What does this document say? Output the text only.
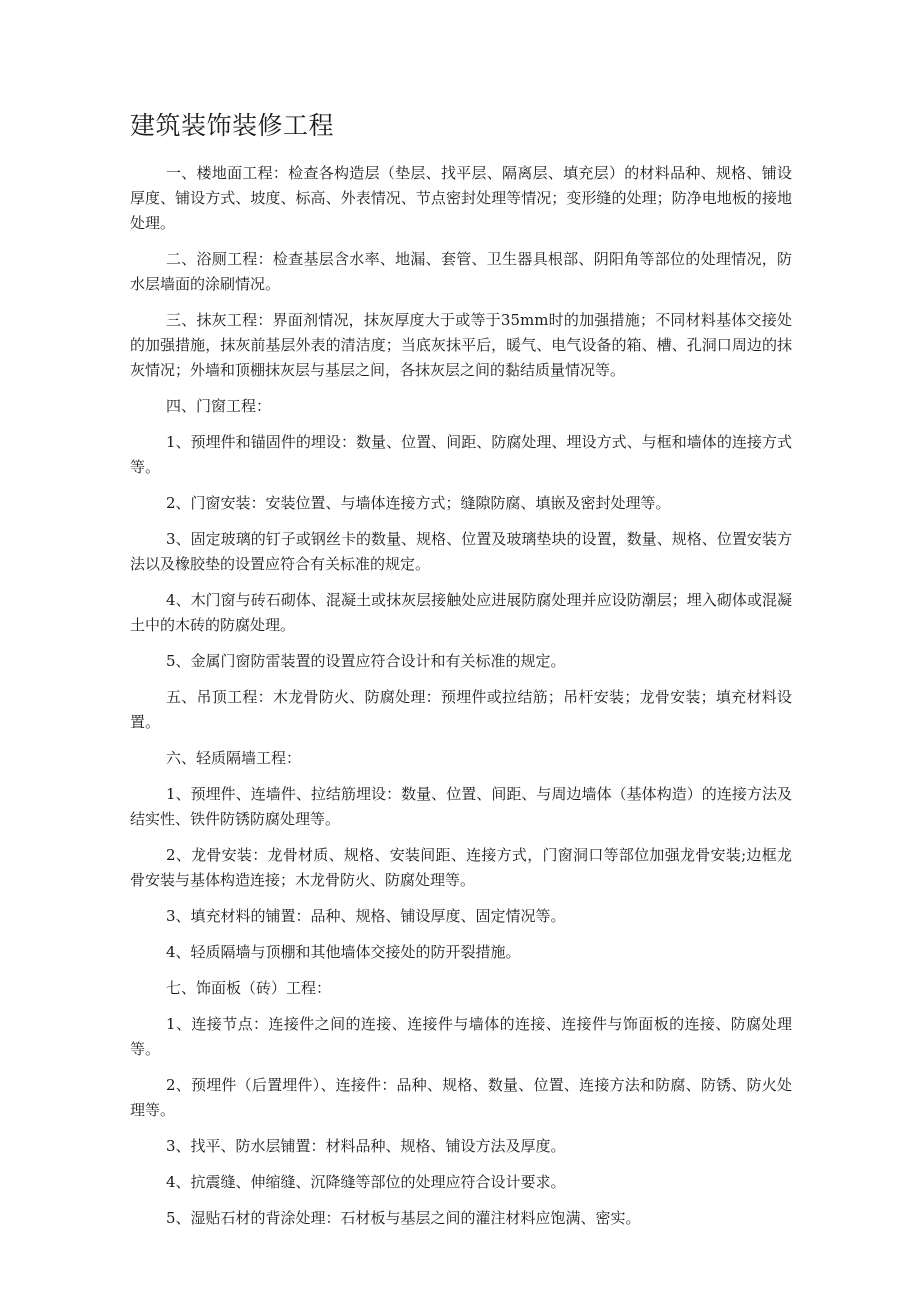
建筑装饰装修工程

一、楼地面工程：检查各构造层（垫层、找平层、隔离层、填充层）的材料品种、规格、铺设厚度、铺设方式、坡度、标高、外表情况、节点密封处理等情况；变形缝的处理；防净电地板的接地处理。

二、浴厕工程：检查基层含水率、地漏、套管、卫生器具根部、阴阳角等部位的处理情况，防水层墙面的涂刷情况。

三、抹灰工程：界面剂情况，抹灰厚度大于或等于35mm时的加强措施；不同材料基体交接处的加强措施，抹灰前基层外表的清洁度；当底灰抹平后，暖气、电气设备的箱、槽、孔洞口周边的抹灰情况；外墙和顶棚抹灰层与基层之间，各抹灰层之间的黏结质量情况等。

四、门窗工程：

1、预埋件和锚固件的埋设：数量、位置、间距、防腐处理、埋设方式、与框和墙体的连接方式等。

2、门窗安装：安装位置、与墙体连接方式；缝隙防腐、填嵌及密封处理等。

3、固定玻璃的钉子或钢丝卡的数量、规格、位置及玻璃垫块的设置，数量、规格、位置安装方法以及橡胶垫的设置应符合有关标准的规定。

4、木门窗与砖石砌体、混凝土或抹灰层接触处应进展防腐处理并应设防潮层；埋入砌体或混凝土中的木砖的防腐处理。

5、金属门窗防雷装置的设置应符合设计和有关标准的规定。

五、吊顶工程：木龙骨防火、防腐处理：预埋件或拉结筋；吊杆安装；龙骨安装；填充材料设置。

六、轻质隔墙工程：

1、预埋件、连墙件、拉结筋埋设：数量、位置、间距、与周边墙体（基体构造）的连接方法及结实性、铁件防锈防腐处理等。

2、龙骨安装：龙骨材质、规格、安装间距、连接方式，门窗洞口等部位加强龙骨安装;边框龙骨安装与基体构造连接；木龙骨防火、防腐处理等。

3、填充材料的铺置：品种、规格、铺设厚度、固定情况等。

4、轻质隔墙与顶棚和其他墙体交接处的防开裂措施。

七、饰面板（砖）工程：

1、连接节点：连接件之间的连接、连接件与墙体的连接、连接件与饰面板的连接、防腐处理等。

2、预埋件（后置埋件）、连接件：品种、规格、数量、位置、连接方法和防腐、防锈、防火处理等。

3、找平、防水层铺置：材料品种、规格、铺设方法及厚度。

4、抗震缝、伸缩缝、沉降缝等部位的处理应符合设计要求。

5、湿贴石材的背涂处理：石材板与基层之间的灌注材料应饱满、密实。
